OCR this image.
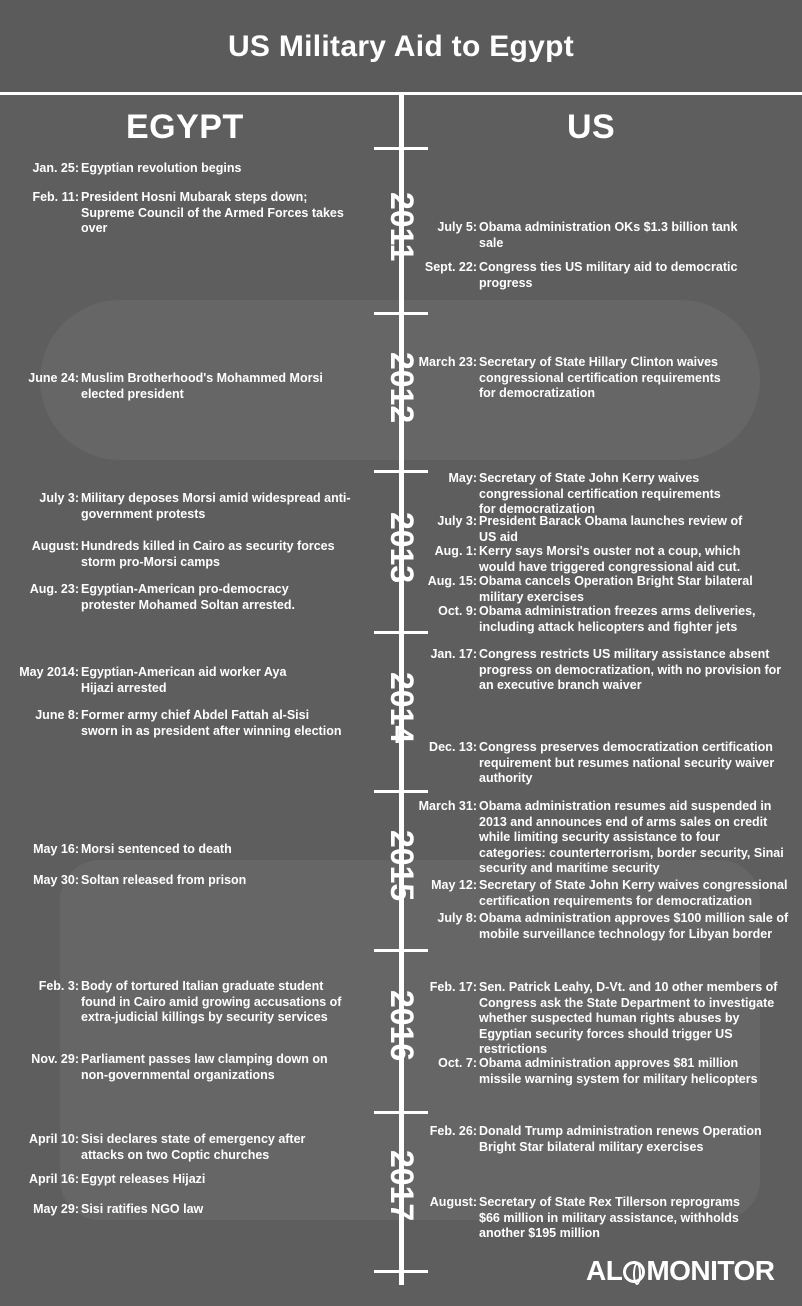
US Military Aid to Egypt
EGYPT	US
2011
2012
2013
2014
2015
2016
2017
Jan. 25: Egyptian revolution begins
Feb. 11: President Hosni Mubarak steps down; Supreme Council of the Armed Forces takes over
June 24: Muslim Brotherhood's Mohammed Morsi elected president
July 3: Military deposes Morsi amid widespread anti-government protests
August: Hundreds killed in Cairo as security forces storm pro-Morsi camps
Aug. 23: Egyptian-American pro-democracy protester Mohamed Soltan arrested.
May 2014: Egyptian-American aid worker Aya Hijazi arrested
June 8: Former army chief Abdel Fattah al-Sisi sworn in as president after winning election
May 16: Morsi sentenced to death
May 30: Soltan released from prison
Feb. 3: Body of tortured Italian graduate student found in Cairo amid growing accusations of extra-judicial killings by security services
Nov. 29: Parliament passes law clamping down on non-governmental organizations
April 10: Sisi declares state of emergency after attacks on two Coptic churches
April 16: Egypt releases Hijazi
May 29: Sisi ratifies NGO law
July 5: Obama administration OKs $1.3 billion tank sale
Sept. 22: Congress ties US military aid to democratic progress
March 23: Secretary of State Hillary Clinton waives congressional certification requirements for democratization
May: Secretary of State John Kerry waives congressional certification requirements for democratization
July 3: President Barack Obama launches review of US aid
Aug. 1: Kerry says Morsi's ouster not a coup, which would have triggered congressional aid cut.
Aug. 15: Obama cancels Operation Bright Star bilateral military exercises
Oct. 9: Obama administration freezes arms deliveries, including attack helicopters and fighter jets
Jan. 17: Congress restricts US military assistance absent progress on democratization, with no provision for an executive branch waiver
Dec. 13: Congress preserves democratization certification requirement but resumes national security waiver authority
March 31: Obama administration resumes aid suspended in 2013 and announces end of arms sales on credit while limiting security assistance to four categories: counterterrorism, border security, Sinai security and maritime security
May 12: Secretary of State John Kerry waives congressional certification requirements for democratization
July 8: Obama administration approves $100 million sale of mobile surveillance technology for Libyan border
Feb. 17: Sen. Patrick Leahy, D-Vt. and 10 other members of Congress ask the State Department to investigate whether suspected human rights abuses by Egyptian security forces should trigger US restrictions
Oct. 7: Obama administration approves $81 million missile warning system for military helicopters
Feb. 26: Donald Trump administration renews Operation Bright Star bilateral military exercises
August: Secretary of State Rex Tillerson reprograms $66 million in military assistance, withholds another $195 million
AL MONITOR
